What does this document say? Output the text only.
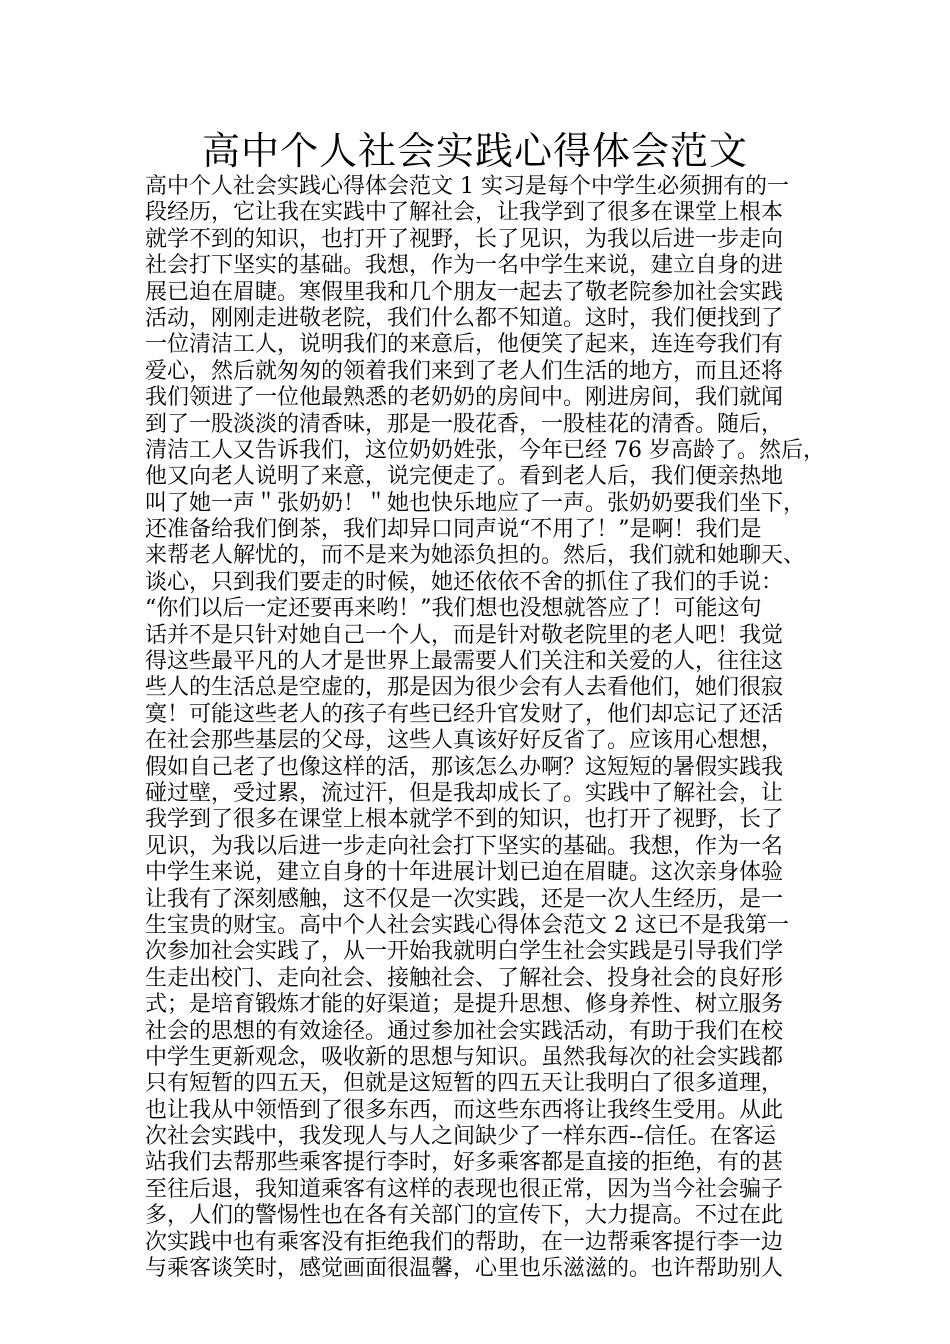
高中个人社会实践心得体会范文
高中个人社会实践心得体会范文 1 实习是每个中学生必须拥有的一
段经历，它让我在实践中了解社会，让我学到了很多在课堂上根本
就学不到的知识，也打开了视野，长了见识，为我以后进一步走向
社会打下坚实的基础。我想，作为一名中学生来说，建立自身的进
展已迫在眉睫。寒假里我和几个朋友一起去了敬老院参加社会实践
活动，刚刚走进敬老院，我们什么都不知道。这时，我们便找到了
一位清洁工人，说明我们的来意后，他便笑了起来，连连夸我们有
爱心，然后就匆匆的领着我们来到了老人们生活的地方，而且还将
我们领进了一位他最熟悉的老奶奶的房间中。刚进房间，我们就闻
到了一股淡淡的清香味，那是一股花香，一股桂花的清香。随后，
清洁工人又告诉我们，这位奶奶姓张，今年已经 76 岁高龄了。然后，
他又向老人说明了来意，说完便走了。看到老人后，我们便亲热地
叫了她一声＂张奶奶！＂她也快乐地应了一声。张奶奶要我们坐下，
还准备给我们倒茶，我们却异口同声说“不用了！”是啊！我们是
来帮老人解忧的，而不是来为她添负担的。然后，我们就和她聊天、
谈心，只到我们要走的时候，她还依依不舍的抓住了我们的手说：
“你们以后一定还要再来哟！”我们想也没想就答应了！可能这句
话并不是只针对她自己一个人，而是针对敬老院里的老人吧！我觉
得这些最平凡的人才是世界上最需要人们关注和关爱的人，往往这
些人的生活总是空虚的，那是因为很少会有人去看他们，她们很寂
寞！可能这些老人的孩子有些已经升官发财了，他们却忘记了还活
在社会那些基层的父母，这些人真该好好反省了。应该用心想想，
假如自己老了也像这样的活，那该怎么办啊？这短短的暑假实践我
碰过壁，受过累，流过汗，但是我却成长了。实践中了解社会，让
我学到了很多在课堂上根本就学不到的知识，也打开了视野，长了
见识，为我以后进一步走向社会打下坚实的基础。我想，作为一名
中学生来说，建立自身的十年进展计划已迫在眉睫。这次亲身体验
让我有了深刻感触，这不仅是一次实践，还是一次人生经历，是一
生宝贵的财宝。高中个人社会实践心得体会范文 2 这已不是我第一
次参加社会实践了，从一开始我就明白学生社会实践是引导我们学
生走出校门、走向社会、接触社会、了解社会、投身社会的良好形
式；是培育锻炼才能的好渠道；是提升思想、修身养性、树立服务
社会的思想的有效途径。通过参加社会实践活动，有助于我们在校
中学生更新观念，吸收新的思想与知识。虽然我每次的社会实践都
只有短暂的四五天，但就是这短暂的四五天让我明白了很多道理，
也让我从中领悟到了很多东西，而这些东西将让我终生受用。从此
次社会实践中，我发现人与人之间缺少了一样东西--信任。在客运
站我们去帮那些乘客提行李时，好多乘客都是直接的拒绝，有的甚
至往后退，我知道乘客有这样的表现也很正常，因为当今社会骗子
多，人们的警惕性也在各有关部门的宣传下，大力提高。不过在此
次实践中也有乘客没有拒绝我们的帮助，在一边帮乘客提行李一边
与乘客谈笑时，感觉画面很温馨，心里也乐滋滋的。也许帮助别人
